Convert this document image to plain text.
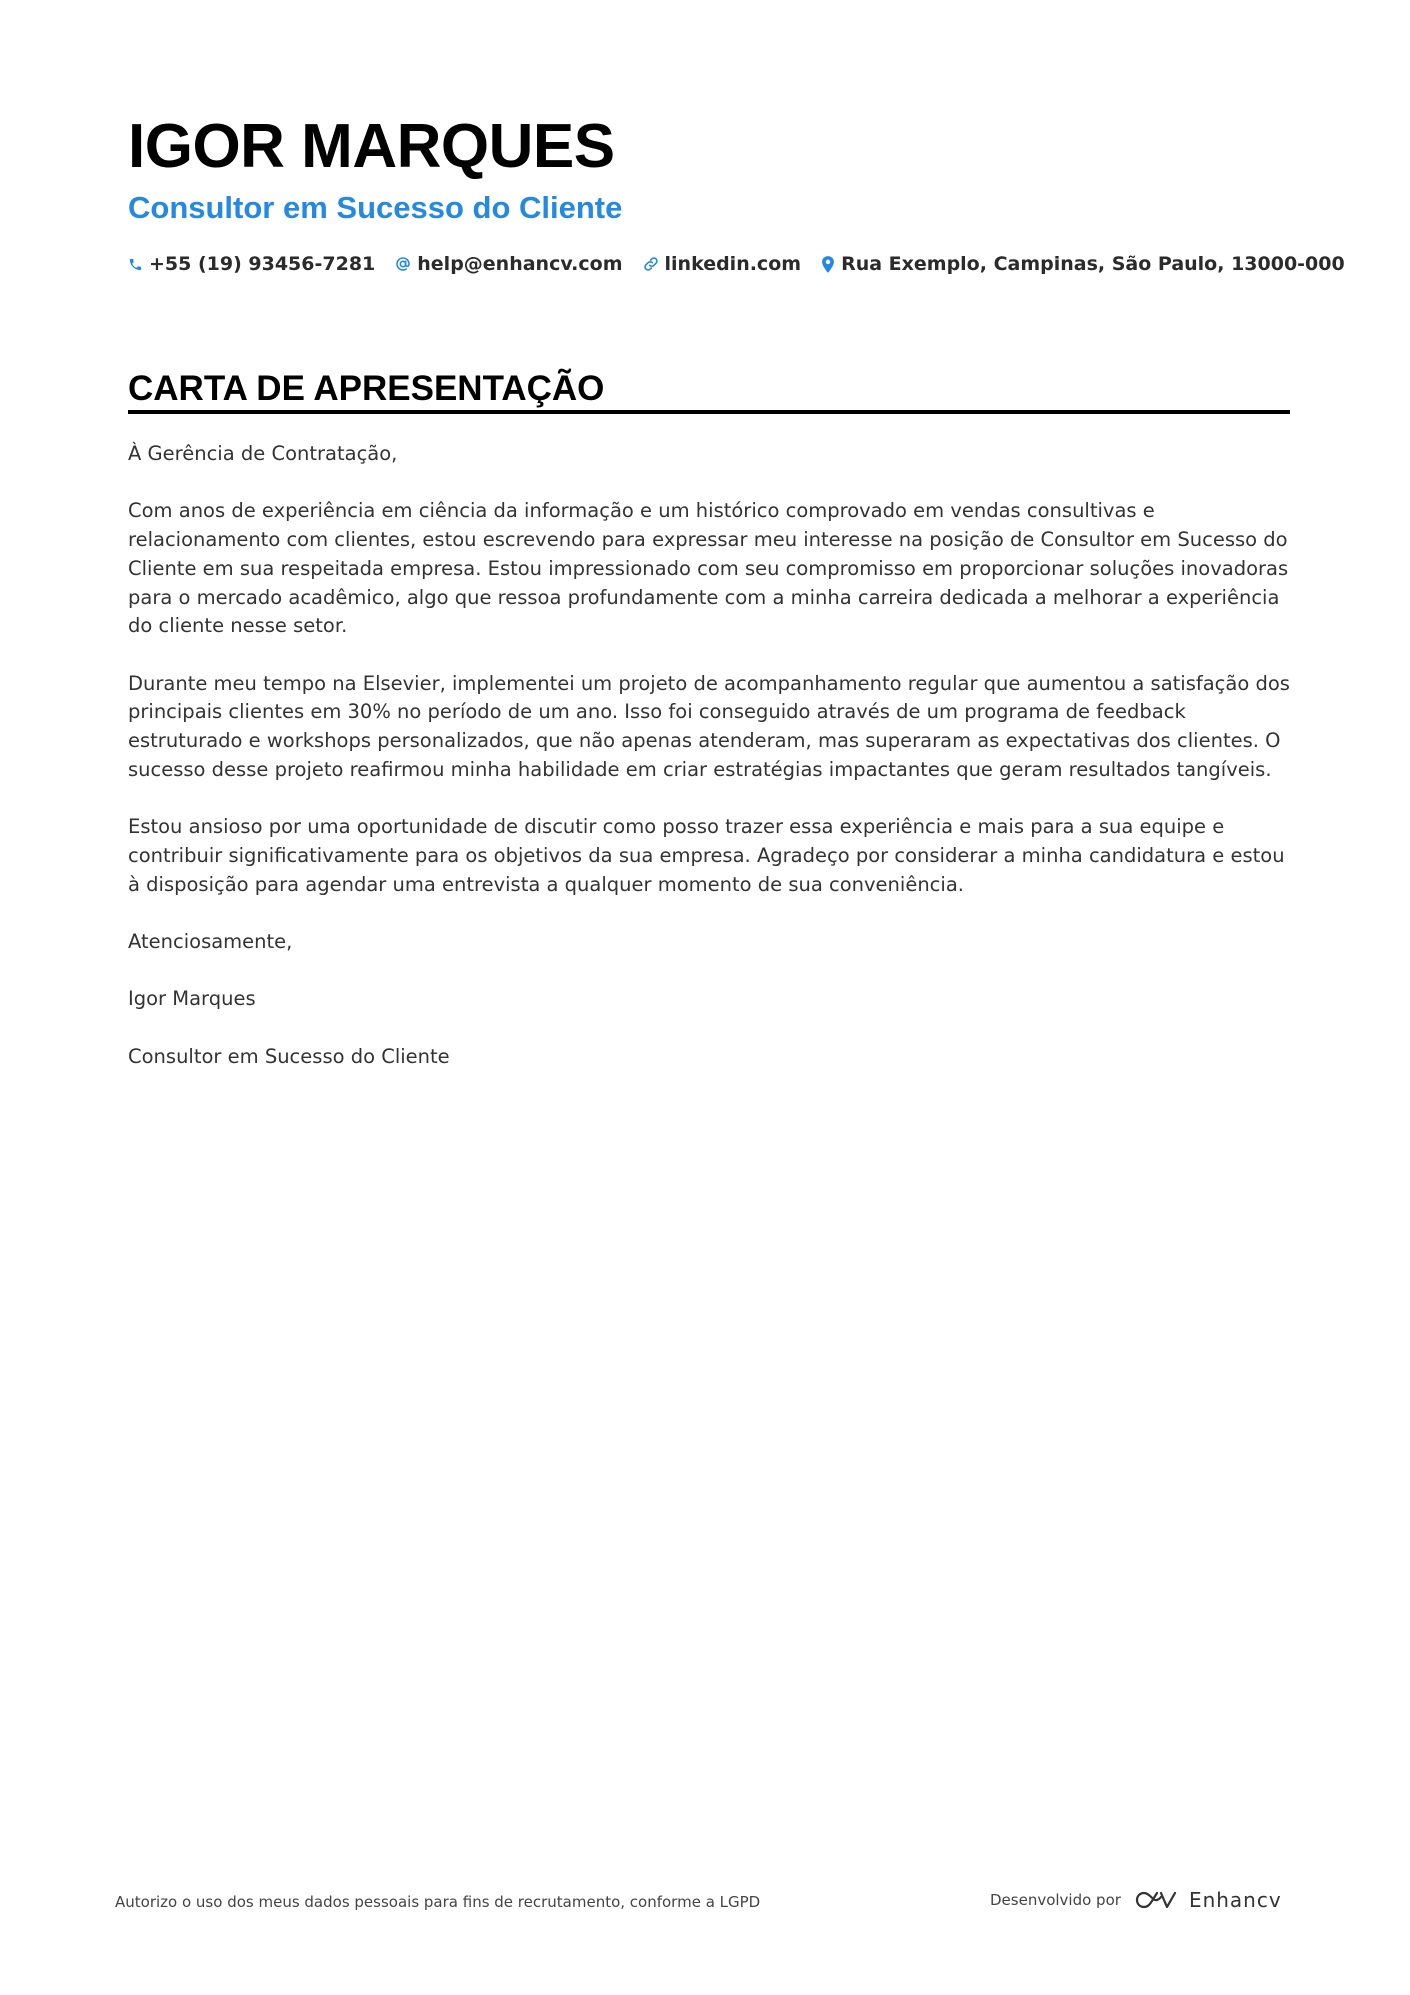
IGOR MARQUES
Consultor em Sucesso do Cliente
+55 (19) 93456-7281 help@enhancv.com linkedin.com Rua Exemplo, Campinas, São Paulo, 13000-000
CARTA DE APRESENTAÇÃO

À Gerência de Contratação,

Com anos de experiência em ciência da informação e um histórico comprovado em vendas consultivas e relacionamento com clientes, estou escrevendo para expressar meu interesse na posição de Consultor em Sucesso do Cliente em sua respeitada empresa. Estou impressionado com seu compromisso em proporcionar soluções inovadoras para o mercado acadêmico, algo que ressoa profundamente com a minha carreira dedicada a melhorar a experiência do cliente nesse setor.

Durante meu tempo na Elsevier, implementei um projeto de acompanhamento regular que aumentou a satisfação dos principais clientes em 30% no período de um ano. Isso foi conseguido através de um programa de feedback estruturado e workshops personalizados, que não apenas atenderam, mas superaram as expectativas dos clientes. O sucesso desse projeto reafirmou minha habilidade em criar estratégias impactantes que geram resultados tangíveis.

Estou ansioso por uma oportunidade de discutir como posso trazer essa experiência e mais para a sua equipe e contribuir significativamente para os objetivos da sua empresa. Agradeço por considerar a minha candidatura e estou à disposição para agendar uma entrevista a qualquer momento de sua conveniência.

Atenciosamente,

Igor Marques

Consultor em Sucesso do Cliente

Autorizo o uso dos meus dados pessoais para fins de recrutamento, conforme a LGPD	Desenvolvido por	Enhancv
